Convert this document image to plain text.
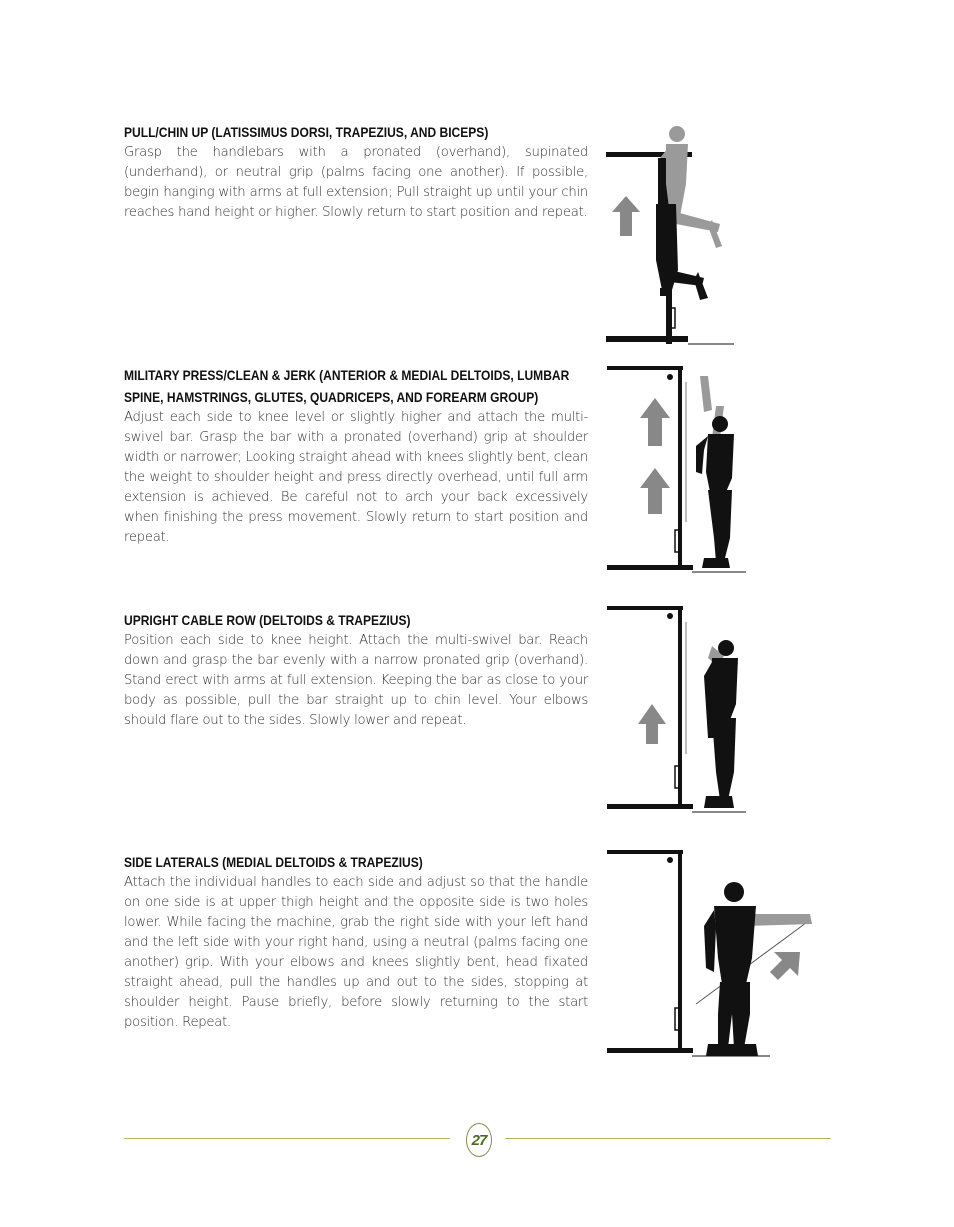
PULL/CHIN UP (LATISSIMUS DORSI, TRAPEZIUS, AND BICEPS)

Grasp the handlebars with a pronated (overhand), supinated (underhand), or neutral grip (palms facing one another). If possible, begin hanging with arms at full extension; Pull straight up until your chin reaches hand height or higher. Slowly return to start position and repeat.

MILITARY PRESS/CLEAN & JERK (ANTERIOR & MEDIAL DELTOIDS, LUMBAR SPINE, HAMSTRINGS, GLUTES, QUADRICEPS, AND FOREARM GROUP)

Adjust each side to knee level or slightly higher and attach the multi-swivel bar. Grasp the bar with a pronated (overhand) grip at shoulder width or narrower; Looking straight ahead with knees slightly bent, clean the weight to shoulder height and press directly overhead, until full arm extension is achieved. Be careful not to arch your back excessively when finishing the press movement. Slowly return to start position and repeat.

UPRIGHT CABLE ROW (DELTOIDS & TRAPEZIUS)

Position each side to knee height. Attach the multi-swivel bar. Reach down and grasp the bar evenly with a narrow pronated grip (overhand). Stand erect with arms at full extension. Keeping the bar as close to your body as possible, pull the bar straight up to chin level. Your elbows should flare out to the sides. Slowly lower and repeat.

SIDE LATERALS (MEDIAL DELTOIDS & TRAPEZIUS)

Attach the individual handles to each side and adjust so that the handle on one side is at upper thigh height and the opposite side is two holes lower. While facing the machine, grab the right side with your left hand and the left side with your right hand, using a neutral (palms facing one another) grip. With your elbows and knees slightly bent, head fixated straight ahead, pull the handles up and out to the sides, stopping at shoulder height. Pause briefly, before slowly returning to the start position. Repeat.

27
